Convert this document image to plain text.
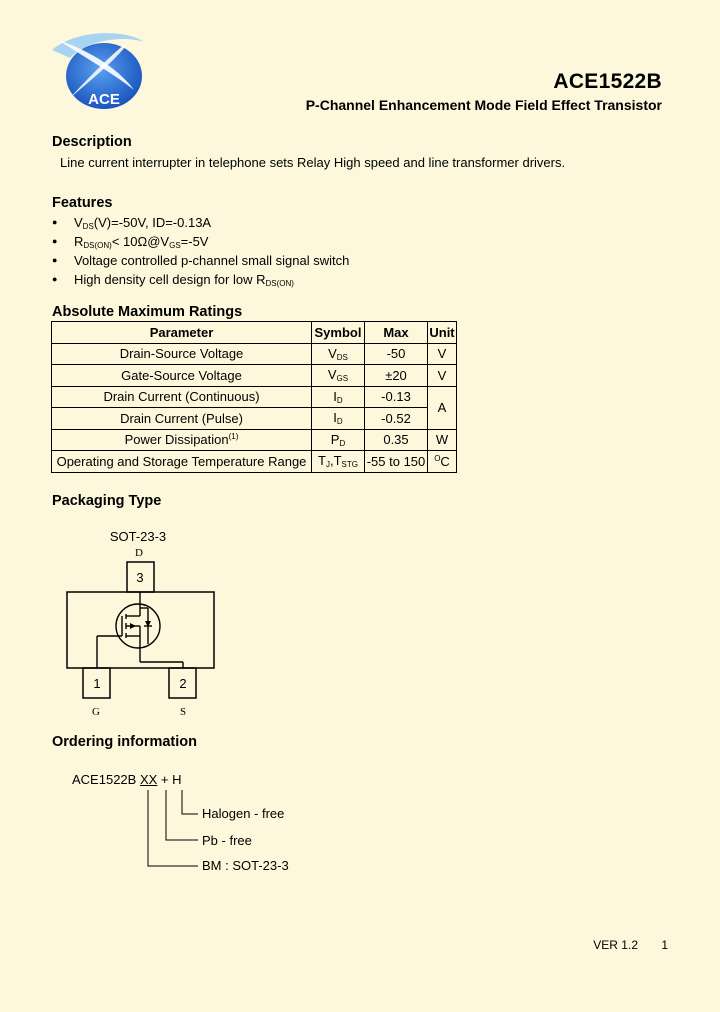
ACE
ACE1522B
P-Channel Enhancement Mode Field Effect Transistor
Description
Line current interrupter in telephone sets Relay High speed and line transformer drivers.
Features
● $V_{DS}(V)=-50V$, ID=-0.13A
● $R_{DS(ON)}<$ $10\Omega@V_{GS}=-5V$
● Voltage controlled p-channel small signal switch
● High density cell design for low $R_{DS(ON)}$
Absolute Maximum Ratings
Parameter	Symbol	Max	Unit
Drain-Source Voltage	$V_{DS}$	-50	V
Gate-Source Voltage	$V_{GS}$	±20	V
Drain Current (Continuous)	$I_D$	-0.13	A
Drain Current (Pulse)	$I_D$	-0.52	
Power Dissipation$^{(1)}$	$P_D$	0.35	W
Operating and Storage Temperature Range	$T_J,T_{STG}$	-55 to 150	$^O$C
Packaging Type
SOT-23-3
D
3
1	2
G	S
Ordering information
ACE1522B XX + H
Halogen - free
Pb - free
BM : SOT-23-3
VER 1.2 1
